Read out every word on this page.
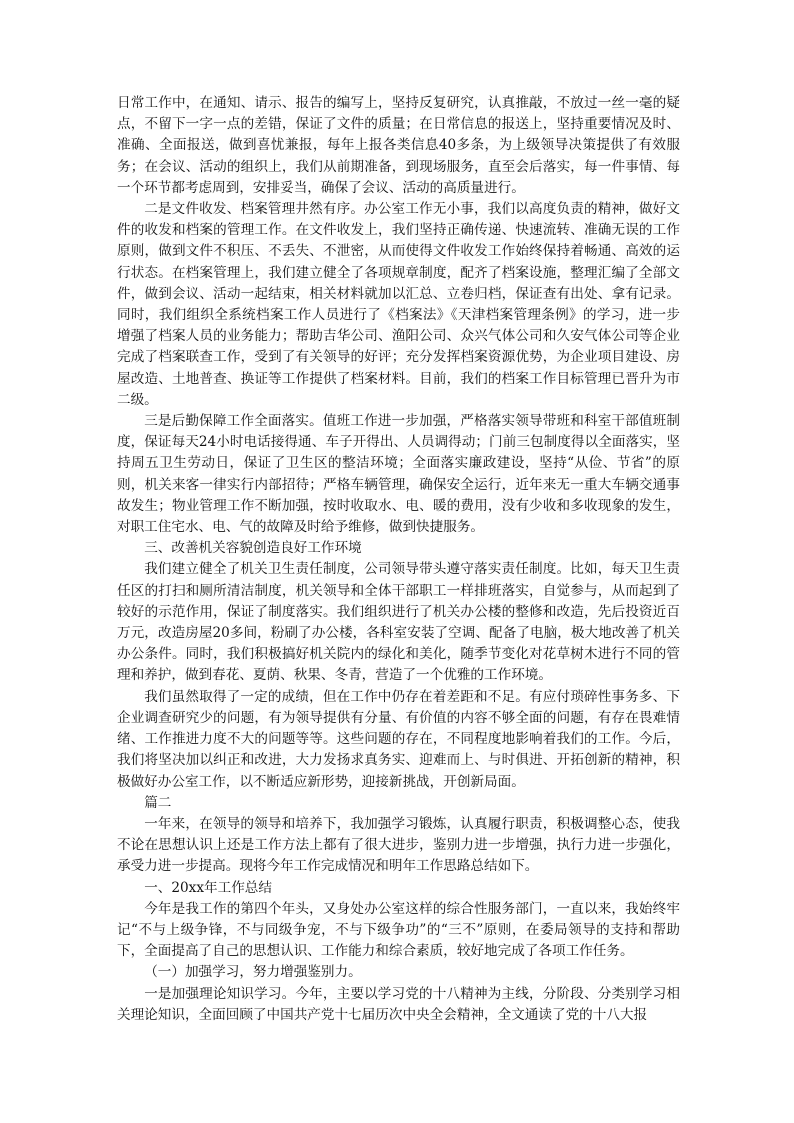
日常工作中，在通知、请示、报告的编写上，坚持反复研究，认真推敲，不放过一丝一毫的疑点，不留下一字一点的差错，保证了文件的质量；在日常信息的报送上，坚持重要情况及时、准确、全面报送，做到喜忧兼报，每年上报各类信息40多条，为上级领导决策提供了有效服务；在会议、活动的组织上，我们从前期准备，到现场服务，直至会后落实，每一件事情、每一个环节都考虑周到，安排妥当，确保了会议、活动的高质量进行。

二是文件收发、档案管理井然有序。办公室工作无小事，我们以高度负责的精神，做好文件的收发和档案的管理工作。在文件收发上，我们坚持正确传递、快速流转、准确无误的工作原则，做到文件不积压、不丢失、不泄密，从而使得文件收发工作始终保持着畅通、高效的运行状态。在档案管理上，我们建立健全了各项规章制度，配齐了档案设施，整理汇编了全部文件，做到会议、活动一起结束，相关材料就加以汇总、立卷归档，保证查有出处、拿有记录。同时，我们组织全系统档案工作人员进行了《档案法》《天津档案管理条例》的学习，进一步增强了档案人员的业务能力；帮助吉华公司、渔阳公司、众兴气体公司和久安气体公司等企业完成了档案联查工作，受到了有关领导的好评；充分发挥档案资源优势，为企业项目建设、房屋改造、土地普查、换证等工作提供了档案材料。目前，我们的档案工作目标管理已晋升为市二级。

三是后勤保障工作全面落实。值班工作进一步加强，严格落实领导带班和科室干部值班制度，保证每天24小时电话接得通、车子开得出、人员调得动；门前三包制度得以全面落实，坚持周五卫生劳动日，保证了卫生区的整洁环境；全面落实廉政建设，坚持“从俭、节省”的原则，机关来客一律实行内部招待；严格车辆管理，确保安全运行，近年来无一重大车辆交通事故发生；物业管理工作不断加强，按时收取水、电、暖的费用，没有少收和多收现象的发生，对职工住宅水、电、气的故障及时给予维修，做到快捷服务。

三、改善机关容貌创造良好工作环境

我们建立健全了机关卫生责任制度，公司领导带头遵守落实责任制度。比如，每天卫生责任区的打扫和厕所清洁制度，机关领导和全体干部职工一样排班落实，自觉参与，从而起到了较好的示范作用，保证了制度落实。我们组织进行了机关办公楼的整修和改造，先后投资近百万元，改造房屋20多间，粉刷了办公楼，各科室安装了空调、配备了电脑，极大地改善了机关办公条件。同时，我们积极搞好机关院内的绿化和美化，随季节变化对花草树木进行不同的管理和养护，做到春花、夏荫、秋果、冬青，营造了一个优雅的工作环境。

我们虽然取得了一定的成绩，但在工作中仍存在着差距和不足。有应付琐碎性事务多、下企业调查研究少的问题，有为领导提供有分量、有价值的内容不够全面的问题，有存在畏难情绪、工作推进力度不大的问题等等。这些问题的存在，不同程度地影响着我们的工作。今后，我们将坚决加以纠正和改进，大力发扬求真务实、迎难而上、与时俱进、开拓创新的精神，积极做好办公室工作，以不断适应新形势，迎接新挑战，开创新局面。

篇二

一年来，在领导的领导和培养下，我加强学习锻炼，认真履行职责，积极调整心态，使我不论在思想认识上还是工作方法上都有了很大进步，鉴别力进一步增强，执行力进一步强化，承受力进一步提高。现将今年工作完成情况和明年工作思路总结如下。

一、20xx年工作总结

今年是我工作的第四个年头，又身处办公室这样的综合性服务部门，一直以来，我始终牢记“不与上级争锋，不与同级争宠，不与下级争功”的“三不”原则，在委局领导的支持和帮助下，全面提高了自己的思想认识、工作能力和综合素质，较好地完成了各项工作任务。

（一）加强学习，努力增强鉴别力。

一是加强理论知识学习。今年，主要以学习党的十八精神为主线，分阶段、分类别学习相关理论知识，全面回顾了中国共产党十七届历次中央全会精神，全文通读了党的十八大报
